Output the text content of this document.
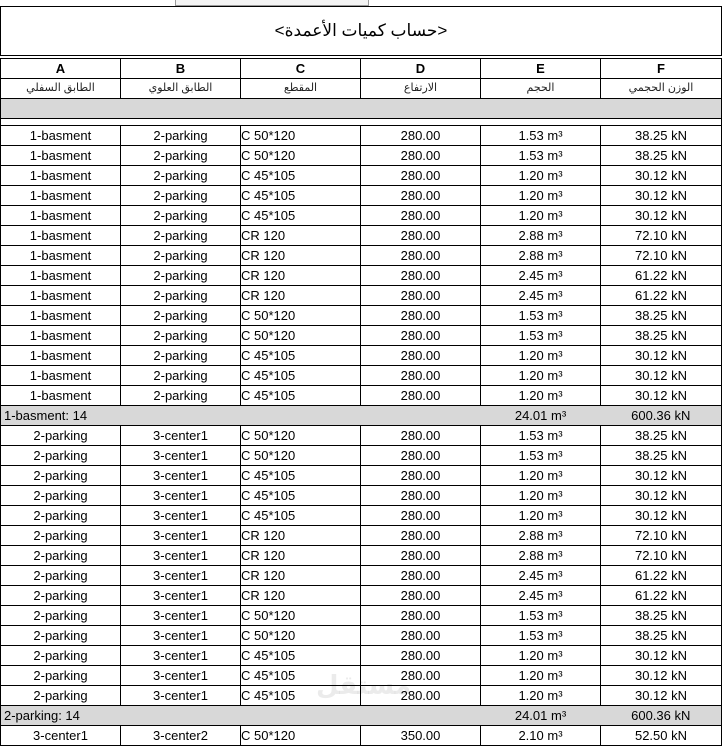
<حساب كميات الأعمدة>
A	B	C	D	E	F
الطابق السفلي	الطابق العلوي	المقطع	الارتفاع	الحجم	الوزن الحجمي

1-basment	2-parking	C 50*120	280.00	1.53 m³	38.25 kN
1-basment	2-parking	C 50*120	280.00	1.53 m³	38.25 kN
1-basment	2-parking	C 45*105	280.00	1.20 m³	30.12 kN
1-basment	2-parking	C 45*105	280.00	1.20 m³	30.12 kN
1-basment	2-parking	C 45*105	280.00	1.20 m³	30.12 kN
1-basment	2-parking	CR 120	280.00	2.88 m³	72.10 kN
1-basment	2-parking	CR 120	280.00	2.88 m³	72.10 kN
1-basment	2-parking	CR 120	280.00	2.45 m³	61.22 kN
1-basment	2-parking	CR 120	280.00	2.45 m³	61.22 kN
1-basment	2-parking	C 50*120	280.00	1.53 m³	38.25 kN
1-basment	2-parking	C 50*120	280.00	1.53 m³	38.25 kN
1-basment	2-parking	C 45*105	280.00	1.20 m³	30.12 kN
1-basment	2-parking	C 45*105	280.00	1.20 m³	30.12 kN
1-basment	2-parking	C 45*105	280.00	1.20 m³	30.12 kN
1-basment: 14				24.01 m³	600.36 kN
2-parking	3-center1	C 50*120	280.00	1.53 m³	38.25 kN
2-parking	3-center1	C 50*120	280.00	1.53 m³	38.25 kN
2-parking	3-center1	C 45*105	280.00	1.20 m³	30.12 kN
2-parking	3-center1	C 45*105	280.00	1.20 m³	30.12 kN
2-parking	3-center1	C 45*105	280.00	1.20 m³	30.12 kN
2-parking	3-center1	CR 120	280.00	2.88 m³	72.10 kN
2-parking	3-center1	CR 120	280.00	2.88 m³	72.10 kN
2-parking	3-center1	CR 120	280.00	2.45 m³	61.22 kN
2-parking	3-center1	CR 120	280.00	2.45 m³	61.22 kN
2-parking	3-center1	C 50*120	280.00	1.53 m³	38.25 kN
2-parking	3-center1	C 50*120	280.00	1.53 m³	38.25 kN
2-parking	3-center1	C 45*105	280.00	1.20 m³	30.12 kN
2-parking	3-center1	C 45*105	280.00	1.20 m³	30.12 kN
2-parking	3-center1	C 45*105	280.00	1.20 m³	30.12 kN
2-parking: 14				24.01 m³	600.36 kN
3-center1	3-center2	C 50*120	350.00	2.10 m³	52.50 kN
مستقل
